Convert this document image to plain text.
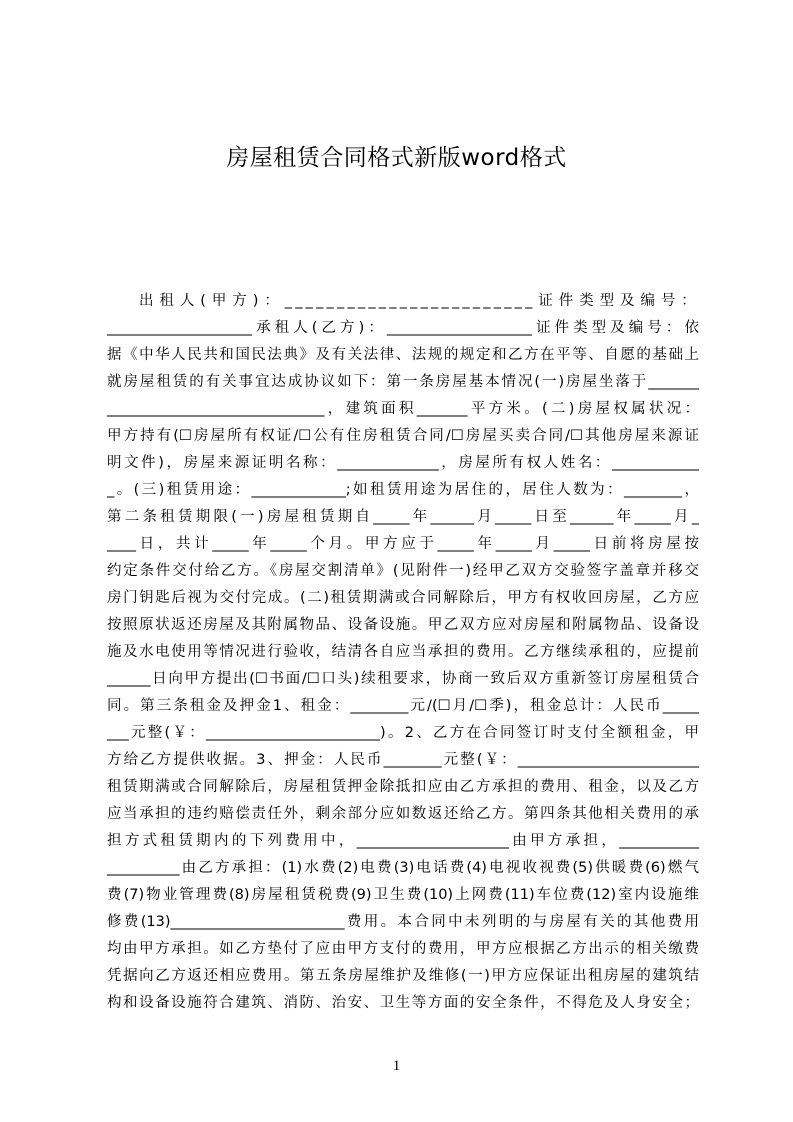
房屋租赁合同格式新版word格式
出租人(甲方)：________________________证件类型及编号：
____________________承租人(乙方)：____________________证件类型及编号：依
据《中华人民共和国民法典》及有关法律、法规的规定和乙方在平等、自愿的基础上
就房屋租赁的有关事宜达成协议如下：第一条房屋基本情况(一)房屋坐落于_______
______________________________，建筑面积_______平方米。(二)房屋权属状况：
甲方持有(☐房屋所有权证/☐公有住房租赁合同/☐房屋买卖合同/☐其他房屋来源证
明文件)，房屋来源证明名称：______________，房屋所有权人姓名：____________
_。(三)租赁用途：_____________;如租赁用途为居住的，居住人数为：________，
第二条租赁期限(一)房屋租赁期自_____年______月_____日至______年_____月_
____日，共计_____年_____个月。甲方应于_____年_____月_____日前将房屋按
约定条件交付给乙方。《房屋交割清单》(见附件一)经甲乙双方交验签字盖章并移交
房门钥匙后视为交付完成。(二)租赁期满或合同解除后，甲方有权收回房屋，乙方应
按照原状返还房屋及其附属物品、设备设施。甲乙双方应对房屋和附属物品、设备设
施及水电使用等情况进行验收，结清各自应当承担的费用。乙方继续承租的，应提前
______日向甲方提出(☐书面/☐口头)续租要求，协商一致后双方重新签订房屋租赁合
同。第三条租金及押金1、租金：________元/(☐月/☐季)，租金总计：人民币_____
___元整(￥：________________________)。2、乙方在合同签订时支付全额租金，甲
方给乙方提供收据。3、押金：人民币________元整(￥：_________________________
租赁期满或合同解除后，房屋租赁押金除抵扣应由乙方承担的费用、租金，以及乙方
应当承担的违约赔偿责任外，剩余部分应如数返还给乙方。第四条其他相关费用的承
担方式租赁期内的下列费用中，_____________________由甲方承担，___________
__________由乙方承担：(1)水费(2)电费(3)电话费(4)电视收视费(5)供暖费(6)燃气
费(7)物业管理费(8)房屋租赁税费(9)卫生费(10)上网费(11)车位费(12)室内设施维
修费(13)________________________费用。本合同中未列明的与房屋有关的其他费用
均由甲方承担。如乙方垫付了应由甲方支付的费用，甲方应根据乙方出示的相关缴费
凭据向乙方返还相应费用。第五条房屋维护及维修(一)甲方应保证出租房屋的建筑结
构和设备设施符合建筑、消防、治安、卫生等方面的安全条件，不得危及人身安全；
1
